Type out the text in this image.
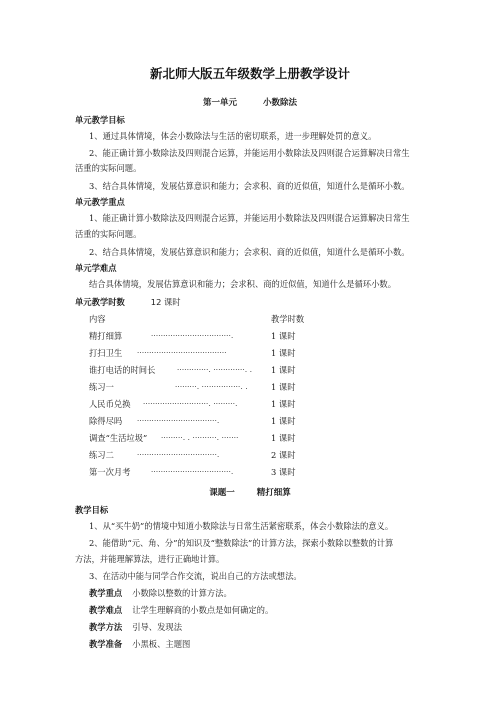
新北师大版五年级数学上册教学设计
第一单元	小数除法
单元教学目标
1、通过具体情境，体会小数除法与生活的密切联系，进一步理解处罚的意义。
2、能正确计算小数除法及四则混合运算，并能运用小数除法及四则混合运算解决日常生
活重的实际问题。
3、结合具体情境，发展估算意识和能力；会求积、商的近似值，知道什么是循环小数。
单元教学重点
1、能正确计算小数除法及四则混合运算，并能运用小数除法及四则混合运算解决日常生
活重的实际问题。
2、结合具体情境，发展估算意识和能力；会求积、商的近似值，知道什么是循环小数。
单元学难点
结合具体情境，发展估算意识和能力；会求积、商的近似值，知道什么是循环小数。
单元教学时数	12 课时
内容	教学时数
精打细算	·································.	1 课时
打扫卫生 ·····································	1 课时
谁打电话的时间长	·············. ·············. . 1 课时
练习一	·········. ················. .	1 课时
人民币兑换 ···························. ·········.	1 课时
除得尽吗 ·································.	1 课时
调查“生活垃圾” ·········. . ··········. ·······	1 课时
练习二	·································.	2 课时
第一次月考	·································.	3 课时
课题一	精打细算
教学目标
1、从“买牛奶”的情境中知道小数除法与日常生活紧密联系，体会小数除法的意义。
2、能借助“元、角、分”的知识及“整数除法”的计算方法，探索小数除以整数的计算
方法，并能理解算法，进行正确地计算。
3、在活动中能与同学合作交流，说出自己的方法或想法。
教学重点 小数除以整数的计算方法。
教学难点 让学生理解商的小数点是如何确定的。
教学方法 引导、发现法
教学准备 小黑板、主题图
